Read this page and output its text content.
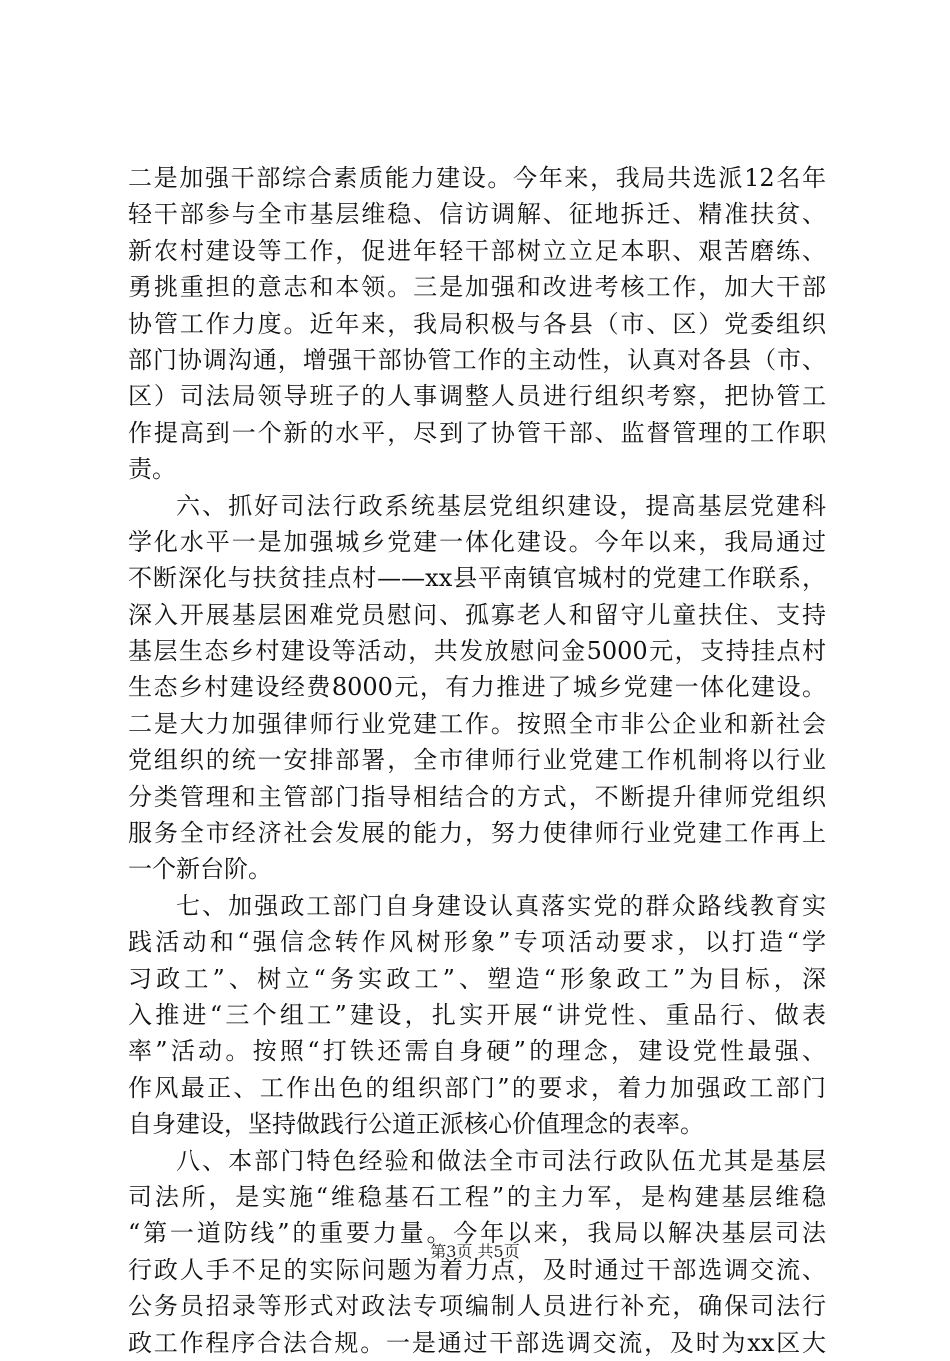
二是加强干部综合素质能力建设。今年来，我局共选派12名年
轻干部参与全市基层维稳、信访调解、征地拆迁、精准扶贫、
新农村建设等工作，促进年轻干部树立立足本职、艰苦磨练、
勇挑重担的意志和本领。三是加强和改进考核工作，加大干部
协管工作力度。近年来，我局积极与各县（市、区）党委组织
部门协调沟通，增强干部协管工作的主动性，认真对各县（市、
区）司法局领导班子的人事调整人员进行组织考察，把协管工
作提高到一个新的水平，尽到了协管干部、监督管理的工作职
责。
六、抓好司法行政系统基层党组织建设，提高基层党建科
学化水平一是加强城乡党建一体化建设。今年以来，我局通过
不断深化与扶贫挂点村——xx县平南镇官城村的党建工作联系，
深入开展基层困难党员慰问、孤寡老人和留守儿童扶住、支持
基层生态乡村建设等活动，共发放慰问金5000元，支持挂点村
生态乡村建设经费8000元，有力推进了城乡党建一体化建设。
二是大力加强律师行业党建工作。按照全市非公企业和新社会
党组织的统一安排部署，全市律师行业党建工作机制将以行业
分类管理和主管部门指导相结合的方式，不断提升律师党组织
服务全市经济社会发展的能力，努力使律师行业党建工作再上
一个新台阶。
七、加强政工部门自身建设认真落实党的群众路线教育实
践活动和“强信念转作风树形象”专项活动要求，以打造“学
习政工”、树立“务实政工”、塑造“形象政工”为目标，深
入推进“三个组工”建设，扎实开展“讲党性、重品行、做表
率”活动。按照“打铁还需自身硬”的理念，建设党性最强、
作风最正、工作出色的组织部门”的要求，着力加强政工部门
自身建设，坚持做践行公道正派核心价值理念的表率。
八、本部门特色经验和做法全市司法行政队伍尤其是基层
司法所，是实施“维稳基石工程”的主力军，是构建基层维稳
“第一道防线”的重要力量。今年以来，我局以解决基层司法
行政人手不足的实际问题为着力点，及时通过干部选调交流、
公务员招录等形式对政法专项编制人员进行补充，确保司法行
政工作程序合法合规。一是通过干部选调交流，及时为xx区大
第3页 共5页
